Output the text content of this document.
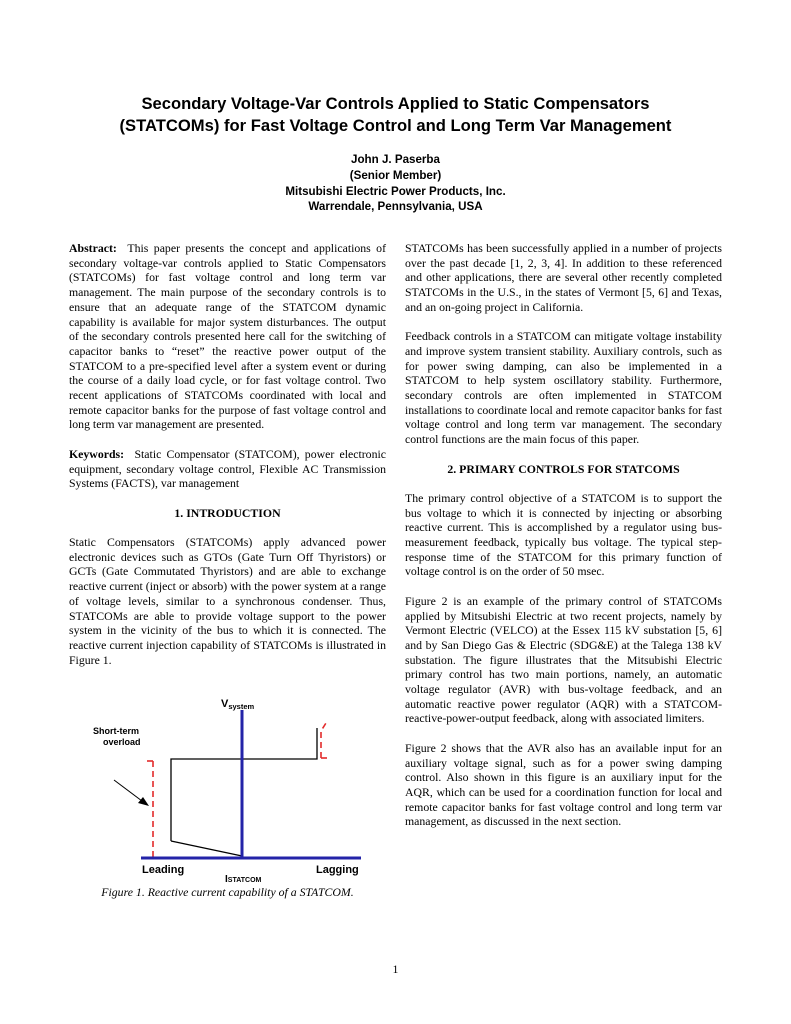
Secondary Voltage-Var Controls Applied to Static Compensators
(STATCOMs) for Fast Voltage Control and Long Term Var Management
John J. Paserba
(Senior Member)
Mitsubishi Electric Power Products, Inc.
Warrendale, Pennsylvania, USA

Abstract: This paper presents the concept and applications of secondary voltage-var controls applied to Static Compensators (STATCOMs) for fast voltage control and long term var management. The main purpose of the secondary controls is to ensure that an adequate range of the STATCOM dynamic capability is available for major system disturbances. The output of the secondary controls presented here call for the switching of capacitor banks to “reset” the reactive power output of the STATCOM to a pre-specified level after a system event or during the course of a daily load cycle, or for fast voltage control. Two recent applications of STATCOMs coordinated with local and remote capacitor banks for the purpose of fast voltage control and long term var management are presented.

Keywords: Static Compensator (STATCOM), power electronic equipment, secondary voltage control, Flexible AC Transmission Systems (FACTS), var management

1. INTRODUCTION

Static Compensators (STATCOMs) apply advanced power electronic devices such as GTOs (Gate Turn Off Thyristors) or GCTs (Gate Commutated Thyristors) and are able to exchange reactive current (inject or absorb) with the power system at a range of voltage levels, similar to a synchronous condenser. Thus, STATCOMs are able to provide voltage support to the power system in the vicinity of the bus to which it is connected. The reactive current injection capability of STATCOMs is illustrated in Figure 1.

Vsystem
Short-term
overload
Leading	Lagging
ISTATCOM
Figure 1. Reactive current capability of a STATCOM.

STATCOMs has been successfully applied in a number of projects over the past decade [1, 2, 3, 4]. In addition to these referenced and other applications, there are several other recently completed STATCOMs in the U.S., in the states of Vermont [5, 6] and Texas, and an on-going project in California.

Feedback controls in a STATCOM can mitigate voltage instability and improve system transient stability. Auxiliary controls, such as for power swing damping, can also be implemented in a STATCOM to help system oscillatory stability. Furthermore, secondary controls are often implemented in STATCOM installations to coordinate local and remote capacitor banks for fast voltage control and long term var management. The secondary control functions are the main focus of this paper.

2. PRIMARY CONTROLS FOR STATCOMS

The primary control objective of a STATCOM is to support the bus voltage to which it is connected by injecting or absorbing reactive current. This is accomplished by a regulator using bus-measurement feedback, typically bus voltage. The typical step-response time of the STATCOM for this primary function of voltage control is on the order of 50 msec.

Figure 2 is an example of the primary control of STATCOMs applied by Mitsubishi Electric at two recent projects, namely by Vermont Electric (VELCO) at the Essex 115 kV substation [5, 6] and by San Diego Gas & Electric (SDG&E) at the Talega 138 kV substation. The figure illustrates that the Mitsubishi Electric primary control has two main portions, namely, an automatic voltage regulator (AVR) with bus-voltage feedback, and an automatic reactive power regulator (AQR) with a STATCOM-reactive-power-output feedback, along with associated limiters.

Figure 2 shows that the AVR also has an available input for an auxiliary voltage signal, such as for a power swing damping control. Also shown in this figure is an auxiliary input for the AQR, which can be used for a coordination function for local and remote capacitor banks for fast voltage control and long term var management, as discussed in the next section.

1
